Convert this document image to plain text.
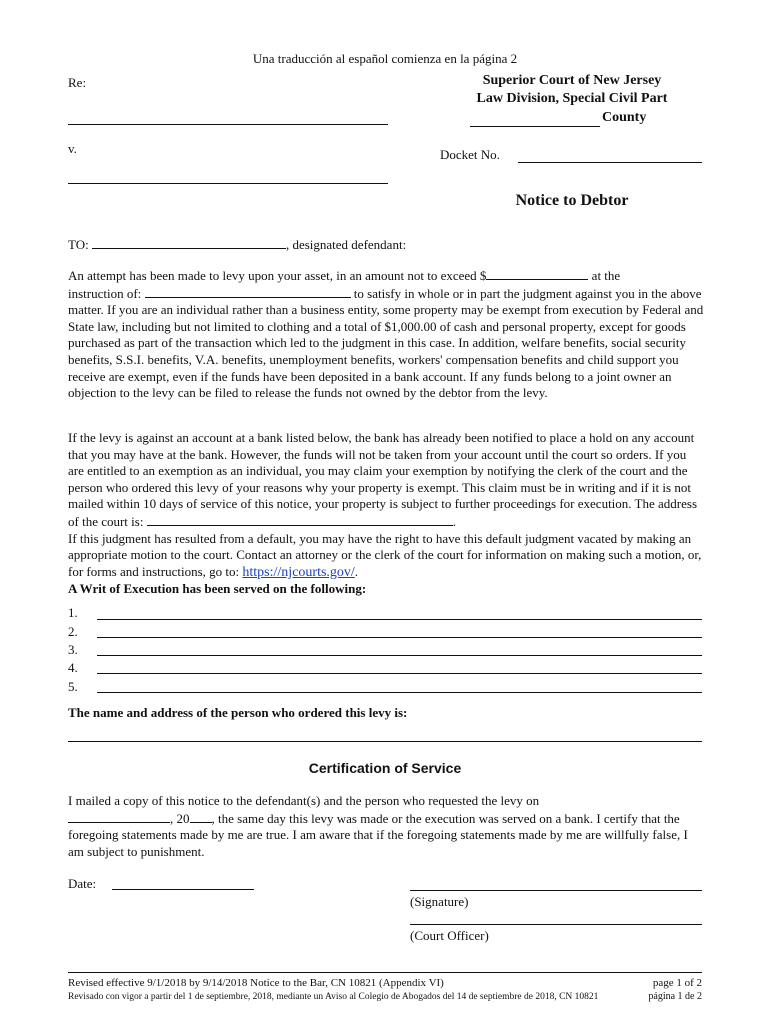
Una traducción al español comienza en la página 2
Re:
v.
Superior Court of New Jersey
Law Division, Special Civil Part
County
Docket No.
Notice to Debtor
TO:	, designated defendant:
An attempt has been made to levy upon your asset, in an amount not to exceed $	at the
instruction of:	to satisfy in whole or in part the judgment against you in the above matter. If you are an individual rather than a business entity, some property may be exempt from execution by Federal and State law, including but not limited to clothing and a total of $1,000.00 of cash and personal property, except for goods purchased as part of the transaction which led to the judgment in this case. In addition, welfare benefits, social security benefits, S.S.I. benefits, V.A. benefits, unemployment benefits, workers' compensation benefits and child support you receive are exempt, even if the funds have been deposited in a bank account. If any funds belong to a joint owner an objection to the levy can be filed to release the funds not owned by the debtor from the levy.
If the levy is against an account at a bank listed below, the bank has already been notified to place a hold on any account that you may have at the bank. However, the funds will not be taken from your account until the court so orders. If you are entitled to an exemption as an individual, you may claim your exemption by notifying the clerk of the court and the person who ordered this levy of your reasons why your property is exempt. This claim must be in writing and if it is not mailed within 10 days of service of this notice, your property is subject to further proceedings for execution. The address of the court is:	.
If this judgment has resulted from a default, you may have the right to have this default judgment vacated by making an appropriate motion to the court. Contact an attorney or the clerk of the court for information on making such a motion, or, for forms and instructions, go to: https://njcourts.gov/.
A Writ of Execution has been served on the following:
1.
2.
3.
4.
5.
The name and address of the person who ordered this levy is:
Certification of Service
I mailed a copy of this notice to the defendant(s) and the person who requested the levy on
, 20 , the same day this levy was made or the execution was served on a bank. I certify that the foregoing statements made by me are true. I am aware that if the foregoing statements made by me are willfully false, I am subject to punishment.
Date:
(Signature)
(Court Officer)
Revised effective 9/1/2018 by 9/14/2018 Notice to the Bar, CN 10821 (Appendix VI)
Revisado con vigor a partir del 1 de septiembre, 2018, mediante un Aviso al Colegio de Abogados del 14 de septiembre de 2018, CN 10821
page 1 of 2
página 1 de 2
